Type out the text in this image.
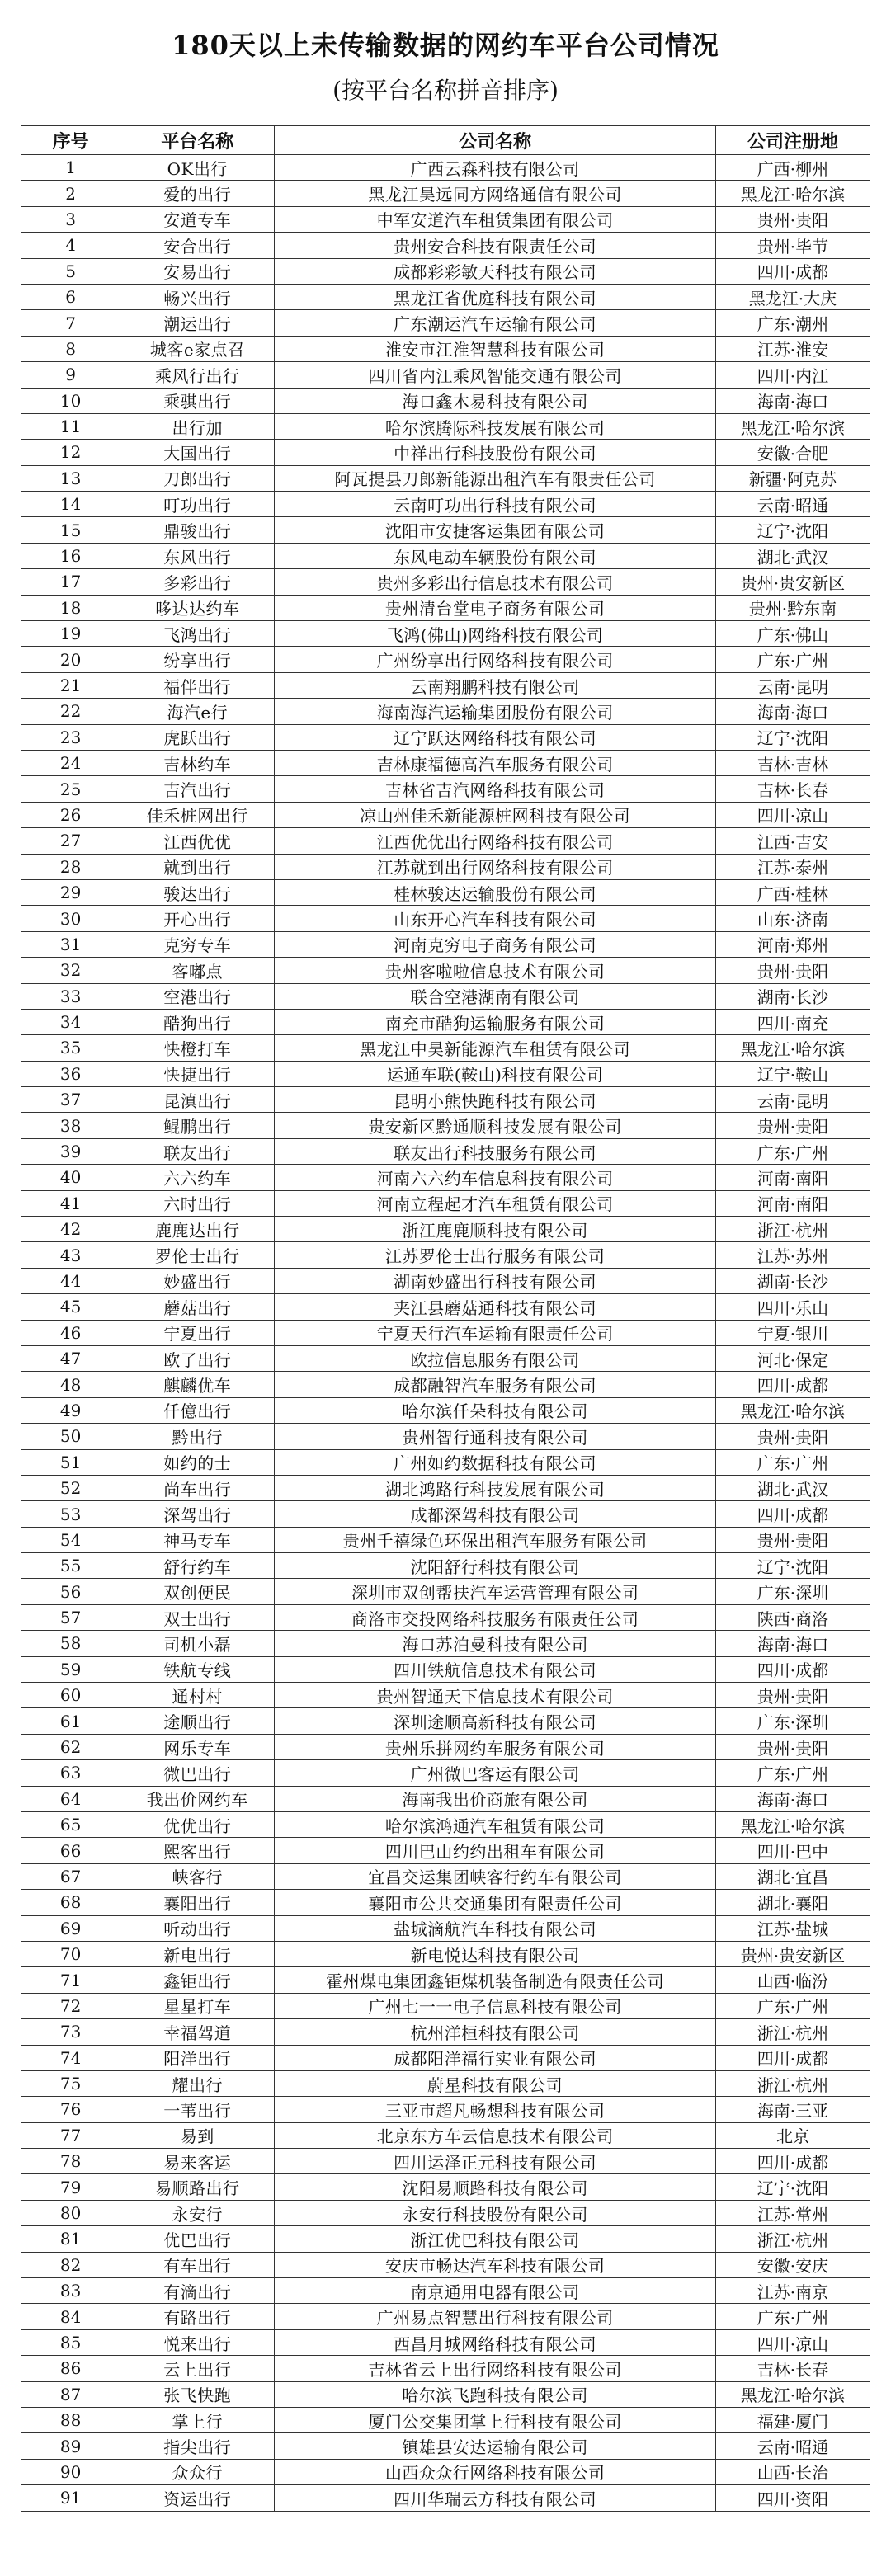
180天以上未传输数据的网约车平台公司情况
(按平台名称拼音排序)
序号	平台名称	公司名称	公司注册地
1	OK出行	广西云森科技有限公司	广西·柳州
2	爱的出行	黑龙江昊远同方网络通信有限公司	黑龙江·哈尔滨
3	安道专车	中军安道汽车租赁集团有限公司	贵州·贵阳
4	安合出行	贵州安合科技有限责任公司	贵州·毕节
5	安易出行	成都彩彩敏天科技有限公司	四川·成都
6	畅兴出行	黑龙江省优庭科技有限公司	黑龙江·大庆
7	潮运出行	广东潮运汽车运输有限公司	广东·潮州
8	城客e家点召	淮安市江淮智慧科技有限公司	江苏·淮安
9	乘风行出行	四川省内江乘风智能交通有限公司	四川·内江
10	乘骐出行	海口鑫木易科技有限公司	海南·海口
11	出行加	哈尔滨腾际科技发展有限公司	黑龙江·哈尔滨
12	大国出行	中祥出行科技股份有限公司	安徽·合肥
13	刀郎出行	阿瓦提县刀郎新能源出租汽车有限责任公司	新疆·阿克苏
14	叮功出行	云南叮功出行科技有限公司	云南·昭通
15	鼎骏出行	沈阳市安捷客运集团有限公司	辽宁·沈阳
16	东风出行	东风电动车辆股份有限公司	湖北·武汉
17	多彩出行	贵州多彩出行信息技术有限公司	贵州·贵安新区
18	哆达达约车	贵州清台堂电子商务有限公司	贵州·黔东南
19	飞鸿出行	飞鸿(佛山)网络科技有限公司	广东·佛山
20	纷享出行	广州纷享出行网络科技有限公司	广东·广州
21	福伴出行	云南翔鹏科技有限公司	云南·昆明
22	海汽e行	海南海汽运输集团股份有限公司	海南·海口
23	虎跃出行	辽宁跃达网络科技有限公司	辽宁·沈阳
24	吉林约车	吉林康福德高汽车服务有限公司	吉林·吉林
25	吉汽出行	吉林省吉汽网络科技有限公司	吉林·长春
26	佳禾桩网出行	凉山州佳禾新能源桩网科技有限公司	四川·凉山
27	江西优优	江西优优出行网络科技有限公司	江西·吉安
28	就到出行	江苏就到出行网络科技有限公司	江苏·泰州
29	骏达出行	桂林骏达运输股份有限公司	广西·桂林
30	开心出行	山东开心汽车科技有限公司	山东·济南
31	克穷专车	河南克穷电子商务有限公司	河南·郑州
32	客嘟点	贵州客啦啦信息技术有限公司	贵州·贵阳
33	空港出行	联合空港湖南有限公司	湖南·长沙
34	酷狗出行	南充市酷狗运输服务有限公司	四川·南充
35	快橙打车	黑龙江中昊新能源汽车租赁有限公司	黑龙江·哈尔滨
36	快捷出行	运通车联(鞍山)科技有限公司	辽宁·鞍山
37	昆滇出行	昆明小熊快跑科技有限公司	云南·昆明
38	鲲鹏出行	贵安新区黔通顺科技发展有限公司	贵州·贵阳
39	联友出行	联友出行科技服务有限公司	广东·广州
40	六六约车	河南六六约车信息科技有限公司	河南·南阳
41	六时出行	河南立程起才汽车租赁有限公司	河南·南阳
42	鹿鹿达出行	浙江鹿鹿顺科技有限公司	浙江·杭州
43	罗伦士出行	江苏罗伦士出行服务有限公司	江苏·苏州
44	妙盛出行	湖南妙盛出行科技有限公司	湖南·长沙
45	蘑菇出行	夹江县蘑菇通科技有限公司	四川·乐山
46	宁夏出行	宁夏天行汽车运输有限责任公司	宁夏·银川
47	欧了出行	欧拉信息服务有限公司	河北·保定
48	麒麟优车	成都融智汽车服务有限公司	四川·成都
49	仟億出行	哈尔滨仟朵科技有限公司	黑龙江·哈尔滨
50	黔出行	贵州智行通科技有限公司	贵州·贵阳
51	如约的士	广州如约数据科技有限公司	广东·广州
52	尚车出行	湖北鸿路行科技发展有限公司	湖北·武汉
53	深驾出行	成都深驾科技有限公司	四川·成都
54	神马专车	贵州千禧绿色环保出租汽车服务有限公司	贵州·贵阳
55	舒行约车	沈阳舒行科技有限公司	辽宁·沈阳
56	双创便民	深圳市双创帮扶汽车运营管理有限公司	广东·深圳
57	双士出行	商洛市交投网络科技服务有限责任公司	陕西·商洛
58	司机小磊	海口苏泊曼科技有限公司	海南·海口
59	铁航专线	四川铁航信息技术有限公司	四川·成都
60	通村村	贵州智通天下信息技术有限公司	贵州·贵阳
61	途顺出行	深圳途顺高新科技有限公司	广东·深圳
62	网乐专车	贵州乐拼网约车服务有限公司	贵州·贵阳
63	微巴出行	广州微巴客运有限公司	广东·广州
64	我出价网约车	海南我出价商旅有限公司	海南·海口
65	优优出行	哈尔滨鸿通汽车租赁有限公司	黑龙江·哈尔滨
66	熙客出行	四川巴山约约出租车有限公司	四川·巴中
67	峡客行	宜昌交运集团峡客行约车有限公司	湖北·宜昌
68	襄阳出行	襄阳市公共交通集团有限责任公司	湖北·襄阳
69	听动出行	盐城滴航汽车科技有限公司	江苏·盐城
70	新电出行	新电悦达科技有限公司	贵州·贵安新区
71	鑫钜出行	霍州煤电集团鑫钜煤机装备制造有限责任公司	山西·临汾
72	星星打车	广州七一一电子信息科技有限公司	广东·广州
73	幸福驾道	杭州洋桓科技有限公司	浙江·杭州
74	阳洋出行	成都阳洋福行实业有限公司	四川·成都
75	耀出行	蔚星科技有限公司	浙江·杭州
76	一苇出行	三亚市超凡畅想科技有限公司	海南·三亚
77	易到	北京东方车云信息技术有限公司	北京
78	易来客运	四川运泽正元科技有限公司	四川·成都
79	易顺路出行	沈阳易顺路科技有限公司	辽宁·沈阳
80	永安行	永安行科技股份有限公司	江苏·常州
81	优巴出行	浙江优巴科技有限公司	浙江·杭州
82	有车出行	安庆市畅达汽车科技有限公司	安徽·安庆
83	有滴出行	南京通用电器有限公司	江苏·南京
84	有路出行	广州易点智慧出行科技有限公司	广东·广州
85	悦来出行	西昌月城网络科技有限公司	四川·凉山
86	云上出行	吉林省云上出行网络科技有限公司	吉林·长春
87	张飞快跑	哈尔滨飞跑科技有限公司	黑龙江·哈尔滨
88	掌上行	厦门公交集团掌上行科技有限公司	福建·厦门
89	指尖出行	镇雄县安达运输有限公司	云南·昭通
90	众众行	山西众众行网络科技有限公司	山西·长治
91	资运出行	四川华瑞云方科技有限公司	四川·资阳
